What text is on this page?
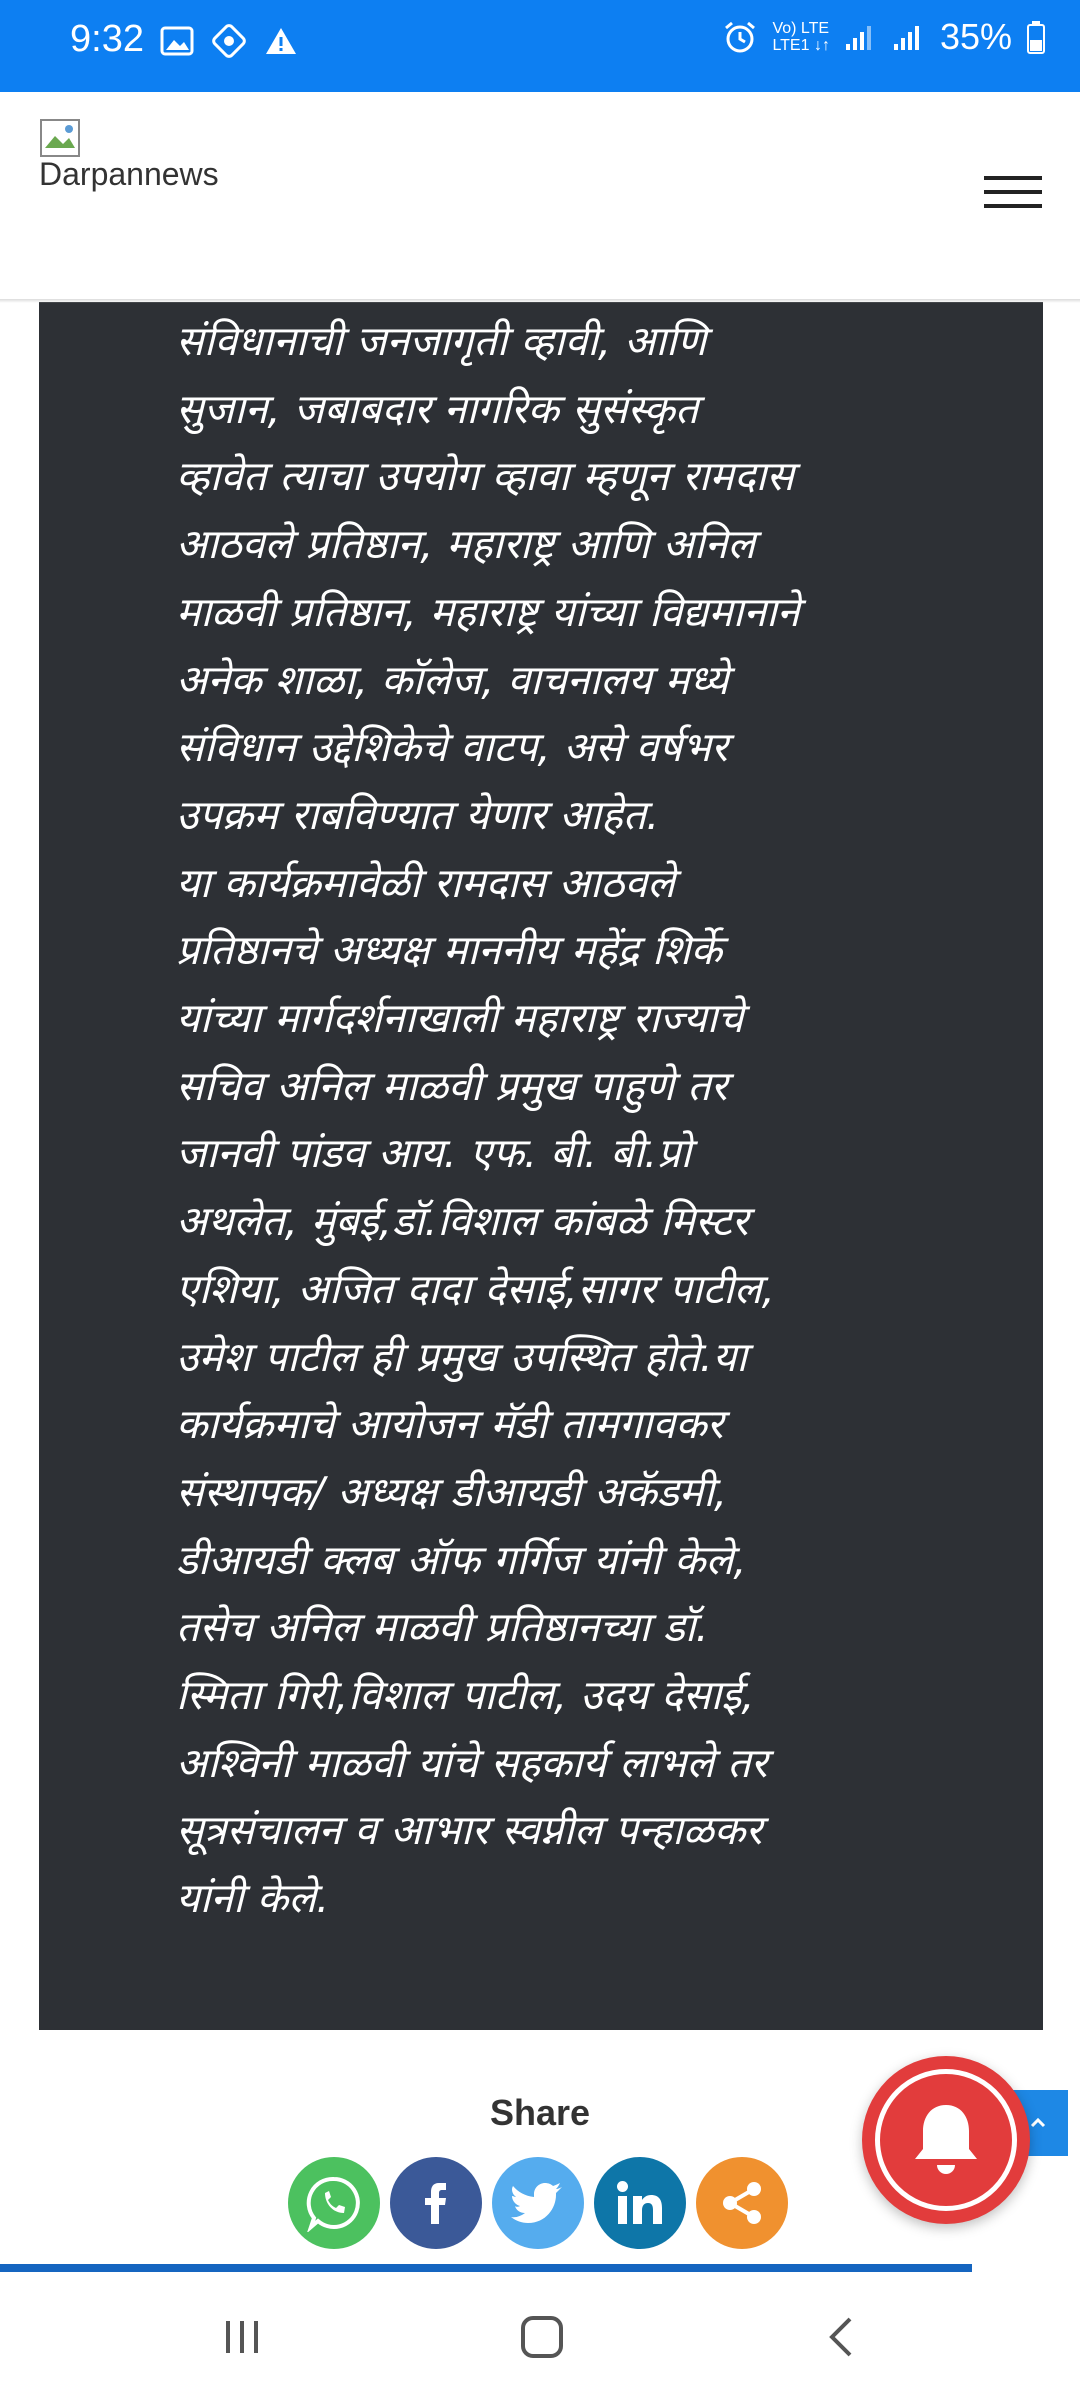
9:32	Vo) LTE
LTE1 ↓↑	35%

संविधानाची जनजागृती व्हावी, आणि

सुजान, जबाबदार नागरिक सुसंस्कृत

व्हावेत त्याचा उपयोग व्हावा म्हणून रामदास

आठवले प्रतिष्ठान, महाराष्ट्र आणि अनिल

माळवी प्रतिष्ठान, महाराष्ट्र यांच्या विद्यमानाने

अनेक शाळा, कॉलेज, वाचनालय मध्ये

संविधान उद्देशिकेचे वाटप, असे वर्षभर

उपक्रम राबविण्यात येणार आहेत.

या कार्यक्रमावेळी रामदास आठवले

प्रतिष्ठानचे अध्यक्ष माननीय महेंद्र शिर्के

यांच्या मार्गदर्शनाखाली महाराष्ट्र राज्याचे

सचिव अनिल माळवी प्रमुख पाहुणे तर

जानवी पांडव आय. एफ. बी. बी.प्रो

अथलेत, मुंबई,डॉ.विशाल कांबळे मिस्टर

एशिया, अजित दादा देसाई,सागर पाटील,

उमेश पाटील ही प्रमुख उपस्थित होते.या

कार्यक्रमाचे आयोजन मॅडी तामगावकर

संस्थापक/ अध्यक्ष डीआयडी अकॅडमी,

डीआयडी क्लब ऑफ गर्गिज यांनी केले,

तसेच अनिल माळवी प्रतिष्ठानच्या डॉ.

स्मिता गिरी,विशाल पाटील, उदय देसाई,

अश्विनी माळवी यांचे सहकार्य लाभले तर

सूत्रसंचालन व आभार स्वप्नील पन्हाळकर

यांनी केले.

Darpannews
Share
